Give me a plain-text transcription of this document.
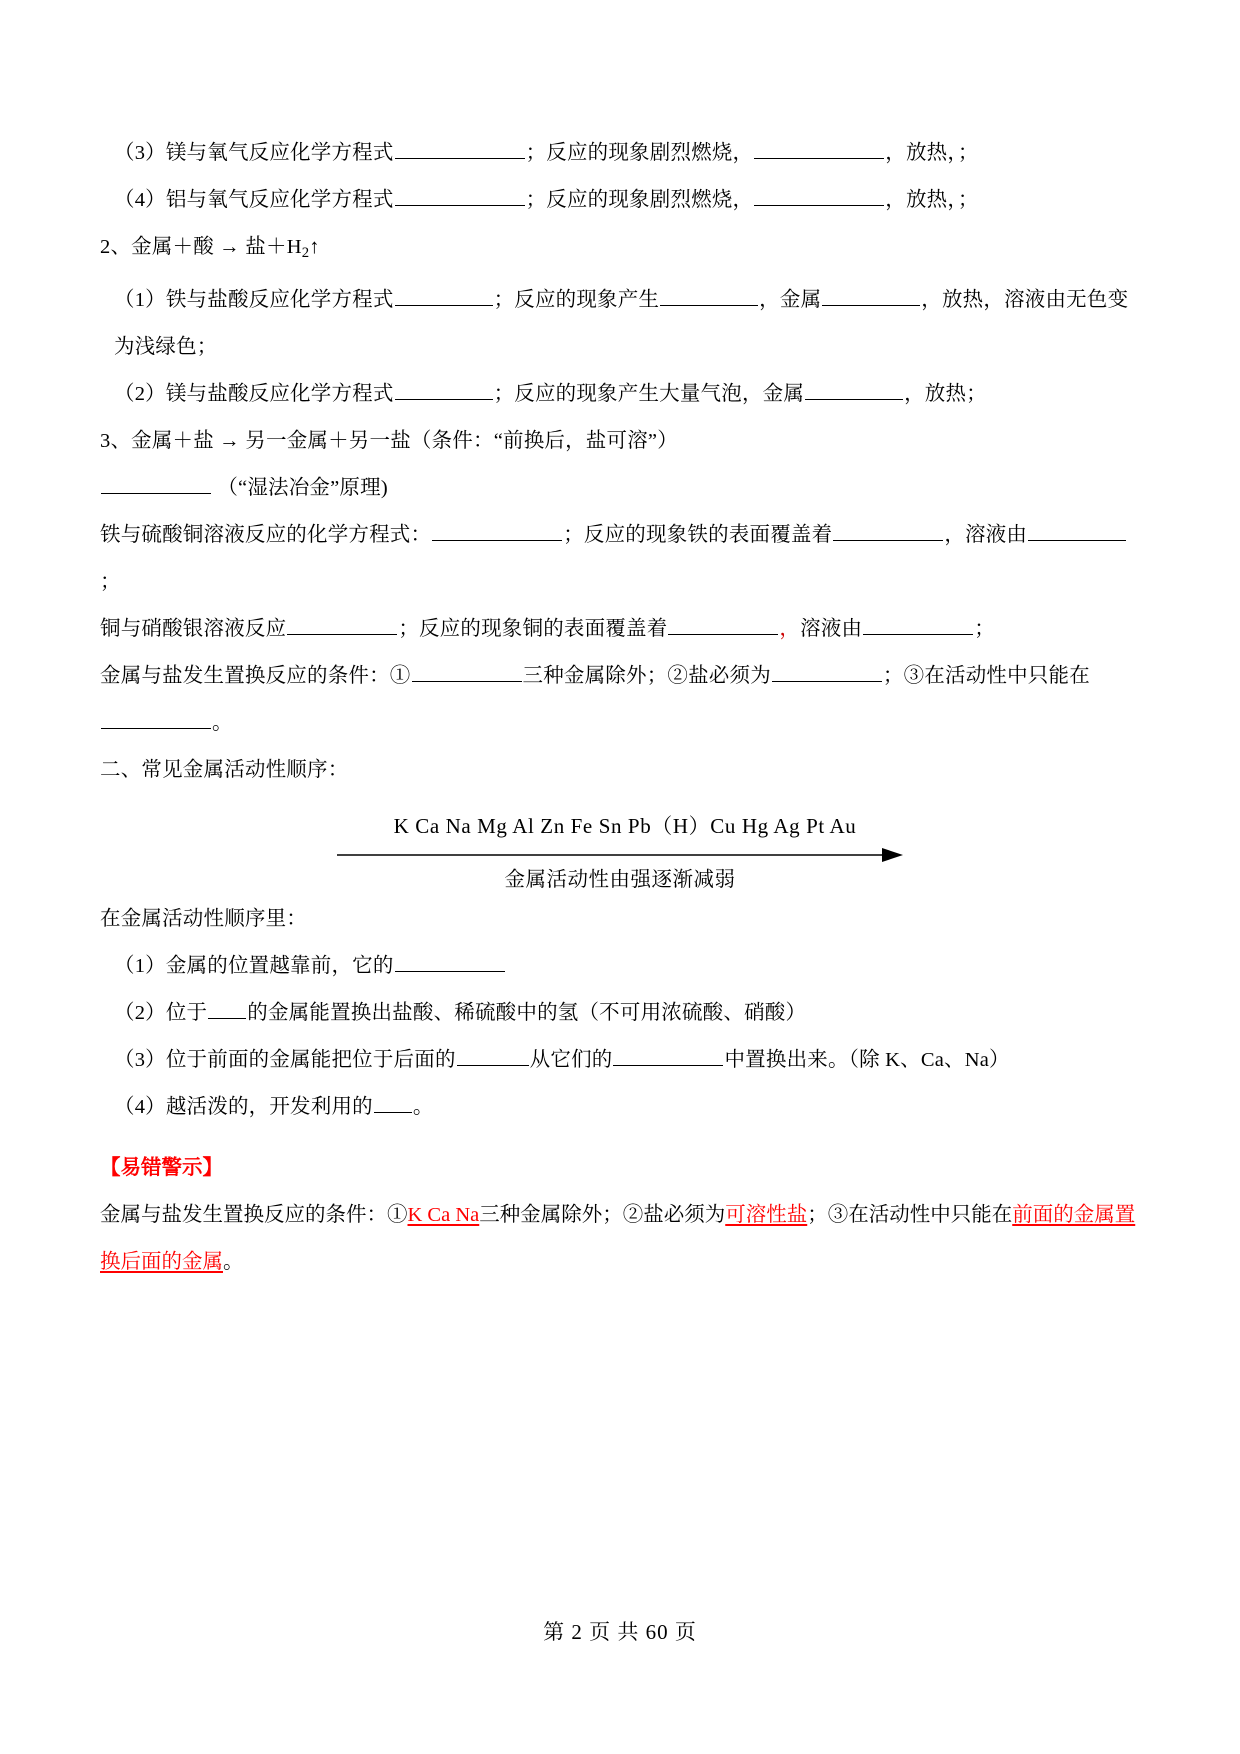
（3）镁与氧气反应化学方程式	；反应的现象剧烈燃烧，	，放热，；

（4）铝与氧气反应化学方程式	；反应的现象剧烈燃烧，	，放热，；

2、金属＋酸 → 盐$+H_2↑$

（1）铁与盐酸反应化学方程式	；反应的现象产生	，金属	，放热，溶液由无色变为浅绿色；

（2）镁与盐酸反应化学方程式	；反应的现象产生大量气泡，金属	，放热；

3、金属＋盐 → 另一金属＋另一盐（条件：“前换后，盐可溶”）

（“湿法冶金”原理)

铁与硫酸铜溶液反应的化学方程式：	；反应的现象铁的表面覆盖着	，溶液由；

铜与硝酸银溶液反应	；反应的现象铜的表面覆盖着	，溶液由	；

金属与盐发生置换反应的条件：①	三种金属除外；②盐必须为	；③在活动性中只能在。

二、常见金属活动性顺序：

K Ca Na Mg Al Zn Fe Sn Pb（H）Cu Hg Ag Pt Au
金属活动性由强逐渐减弱

在金属活动性顺序里：

（1）金属的位置越靠前，它的

（2）位于 的金属能置换出盐酸、稀硫酸中的氢（不可用浓硫酸、硝酸）

（3）位于前面的金属能把位于后面的	从它们的	中置换出来。（除 K、Ca、Na）

（4）越活泼的，开发利用的 。

【易错警示】
金属与盐发生置换反应的条件：①K Ca Na三种金属除外；②盐必须为可溶性盐；③在活动性中只能在前面的金属置换后面的金属。
第 2 页 共 60 页
